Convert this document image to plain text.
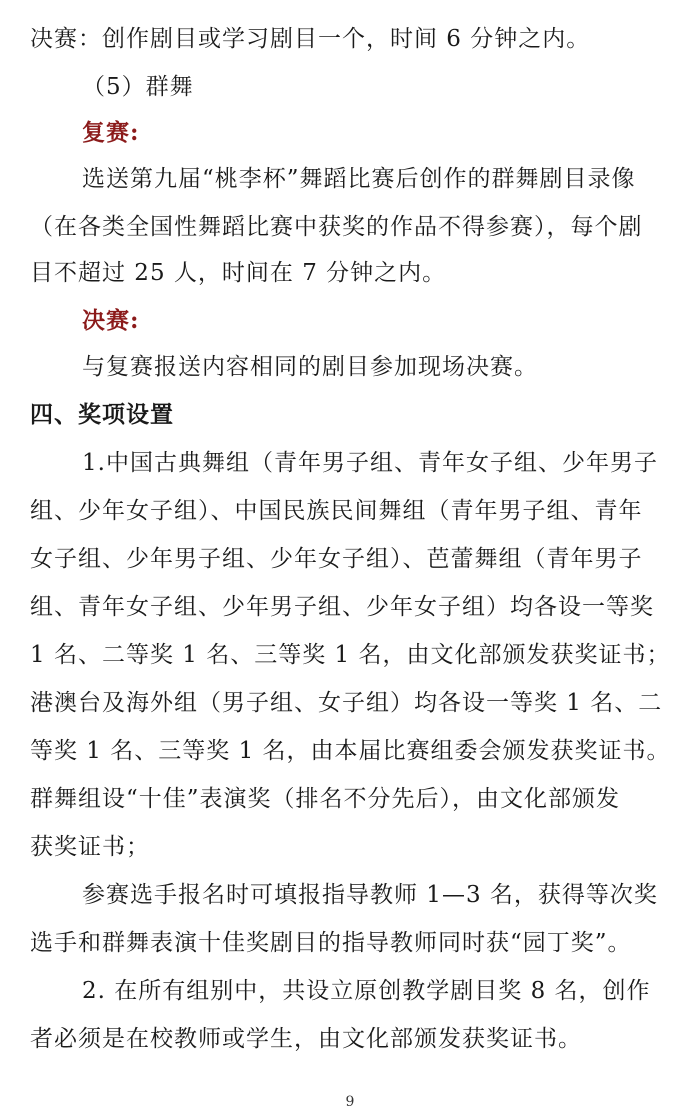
决赛：创作剧目或学习剧目一个，时间 6 分钟之内。
（5）群舞
复赛:
选送第九届“桃李杯”舞蹈比赛后创作的群舞剧目录像
（在各类全国性舞蹈比赛中获奖的作品不得参赛），每个剧
目不超过 25 人，时间在 7 分钟之内。
决赛:
与复赛报送内容相同的剧目参加现场决赛。
四、奖项设置
1.中国古典舞组（青年男子组、青年女子组、少年男子
组、少年女子组）、中国民族民间舞组（青年男子组、青年
女子组、少年男子组、少年女子组）、芭蕾舞组（青年男子
组、青年女子组、少年男子组、少年女子组）均各设一等奖
1 名、二等奖 1 名、三等奖 1 名，由文化部颁发获奖证书；
港澳台及海外组（男子组、女子组）均各设一等奖 1 名、二
等奖 1 名、三等奖 1 名，由本届比赛组委会颁发获奖证书。
群舞组设“十佳”表演奖（排名不分先后），由文化部颁发
获奖证书；
参赛选手报名时可填报指导教师 1—3 名，获得等次奖
选手和群舞表演十佳奖剧目的指导教师同时获“园丁奖”。
2. 在所有组别中，共设立原创教学剧目奖 8 名，创作
者必须是在校教师或学生，由文化部颁发获奖证书。
9
